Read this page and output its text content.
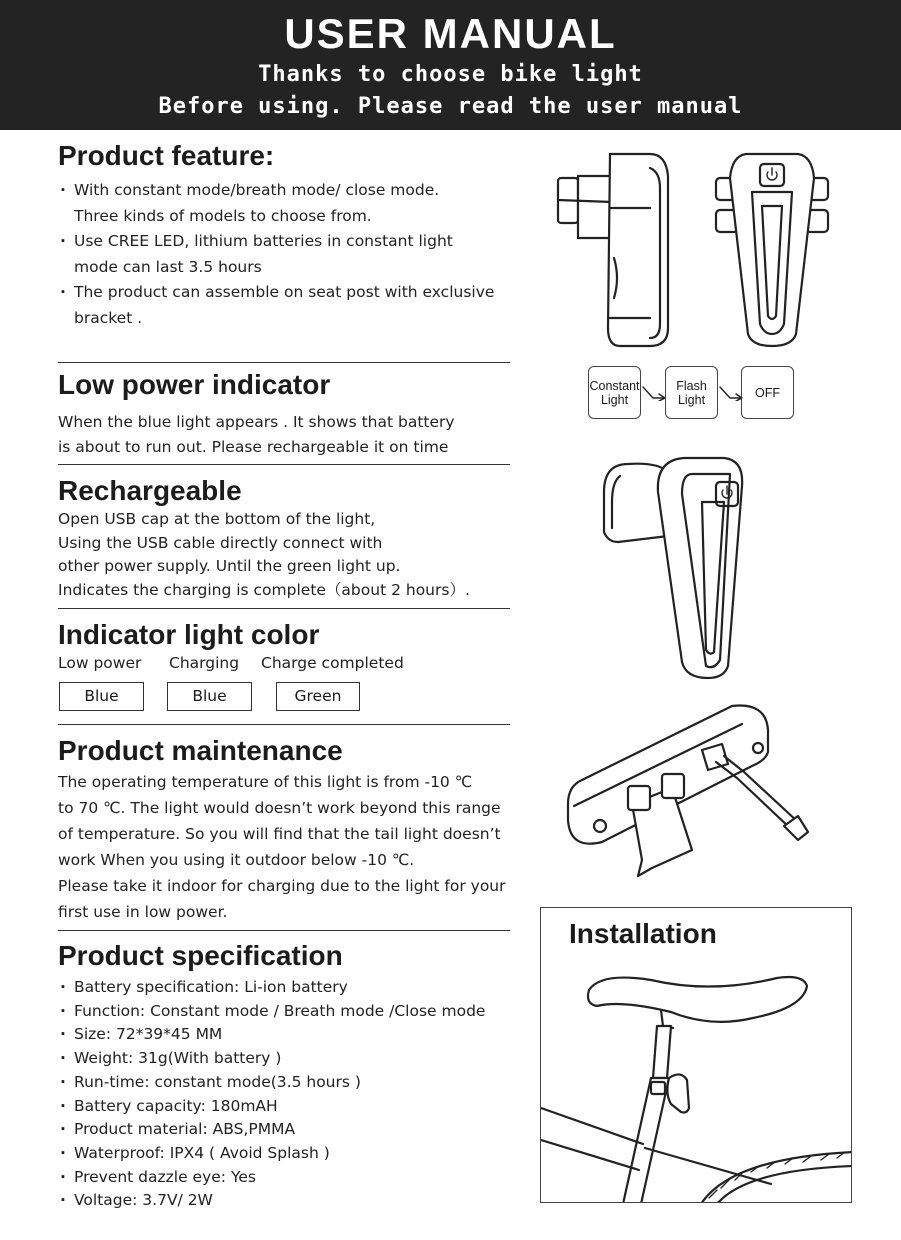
USER MANUAL
Thanks to choose bike light
Before using. Please read the user manual
Product feature:
· With constant mode/breath mode/ close mode.
Three kinds of models to choose from.
· Use CREE LED, lithium batteries in constant light
mode can last 3.5 hours
· The product can assemble on seat post with exclusive
bracket .
Low power indicator
When the blue light appears . It shows that battery
is about to run out. Please rechargeable it on time
Rechargeable
Open USB cap at the bottom of the light,
Using the USB cable directly connect with
other power supply. Until the green light up.
Indicates the charging is complete（about 2 hours）.
Indicator light color
Low power Charging Charge completed
Blue	Blue	Green
Product maintenance
The operating temperature of this light is from -10 ℃
to 70 ℃. The light would doesn’t work beyond this range
of temperature. So you will find that the tail light doesn’t
work When you using it outdoor below -10 ℃.
Please take it indoor for charging due to the light for your
first use in low power.
Product specification
· Battery specification: Li-ion battery
· Function: Constant mode / Breath mode /Close mode
· Size: 72*39*45 MM
· Weight: 31g(With battery )
· Run-time: constant mode(3.5 hours )
· Battery capacity: 180mAH
· Product material: ABS,PMMA
· Waterproof: IPX4 ( Avoid Splash )
· Prevent dazzle eye: Yes
· Voltage: 3.7V/ 2W
Constant
Light
Flash
Light	OFF
Installation
